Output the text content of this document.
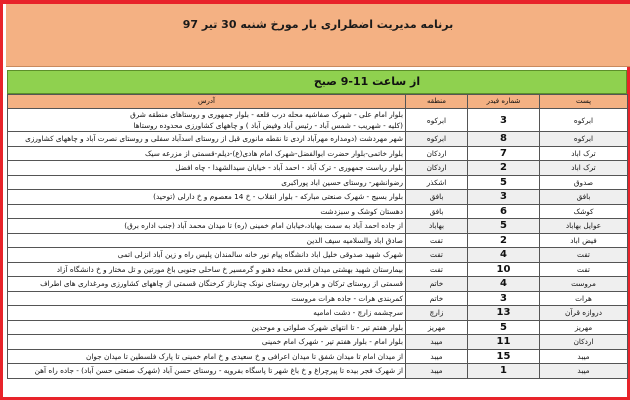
برنامه مدیریت اضطراری بار مورخ شنبه 30 تیر 97
از ساعت 11-9 صبح
پست	شماره فیدر	منطقه	آدرس
ابرکوه	3	ابرکوه	بلوار امام علی - شهرک صفاشیه محله درب قلعه - بلوار جمهوری و روستاهای منطقه شرق
(کلیه - شهریب - شمس آباد - رئیس آباد وفیض آباد ) و چاههای کشاورزی محدوده روستاها

ابرکوه	8	ابرکوه	شهر مهردشت (دومداره مهرآباد اردی تا نقطه مانوری قبل از روستای اسدآباد سفلی و روستای نصرت آباد و چاههای کشاورزی
ترک اباد	7	اردکان	بلوار خاتمی-بلوار حضرت ابوالفضل-شهرک امام هادی(ع)-دیلم-قسمتی از مزرعه سیک
ترک اباد	2	اردکان	بلوار ریاست جمهوری - ترک آباد - احمد آباد - خیابان سیدالشهدا - چاه افضل
صدوق	5	اشکذر	رضوانشهر- روستای حسین اباد پوراکبری
بافق	3	بافق	بلوار بسیج - شهرک صنعتی مبارکه - بلوار انقلاب - خ 14 معصوم و خ دارلی (توحید)
کوشک	6	بافق	دهستان کوشک و سبزدشت
عوایل بهاباد	5	بهاباد	از جاده احمد آباد به سمت بهاباد،خیابان امام خمینی (ره) تا میدان محمد آباد (جنب اداره برق)
فیض اباد	2	تفت	صادق اباد والسلامیه سیف الدین
تفت	4	تفت	شهرک شهید صدوقی خلیل اباد دانشگاه پیام نور خانه سالمندان پلیس راه و زین آباد انزلی اتمی
تفت	10	تفت	بیمارستان شهید بهشتی میدان قدس محله دهنو و گرمسیر خ ساحلی جنوبی باغ مورتین و تل مختار و خ دانشگاه آزاد
مروست	4	خاتم	قسمتی از روستای ترکان و هرابرجان روستای نونک چنارناز کرخنگان قسمتی از چاههای کشاورزی ومرغداری های اطراف
هرات	3	خاتم	کمربندی هرات - جاده هرات مروست
دروازه قرآن	13	زارچ	سرچشمه زارچ - دشت امامیه
مهریز	5	مهریز	بلوار هفتم تیر - تا انتهای شهرک صلواتی و موحدین
اردکان	11	میبد	بلوار امام - بلوار هفتم تیر - شهرک امام خمینی
میبد	15	میبد	از میدان امام تا میدان شفق تا میدان اعرافی و خ سعیدی و خ امام خمینی تا پارک فلسطین تا میدان جوان
میبد	1	میبد	از شهرک فجر بیده تا پیرچراغ و خ باغ شهر تا پاسگاه بفرویه - روستای حسن آباد (شهرک صنعتی حسن آباد) - جاده راه آهن
